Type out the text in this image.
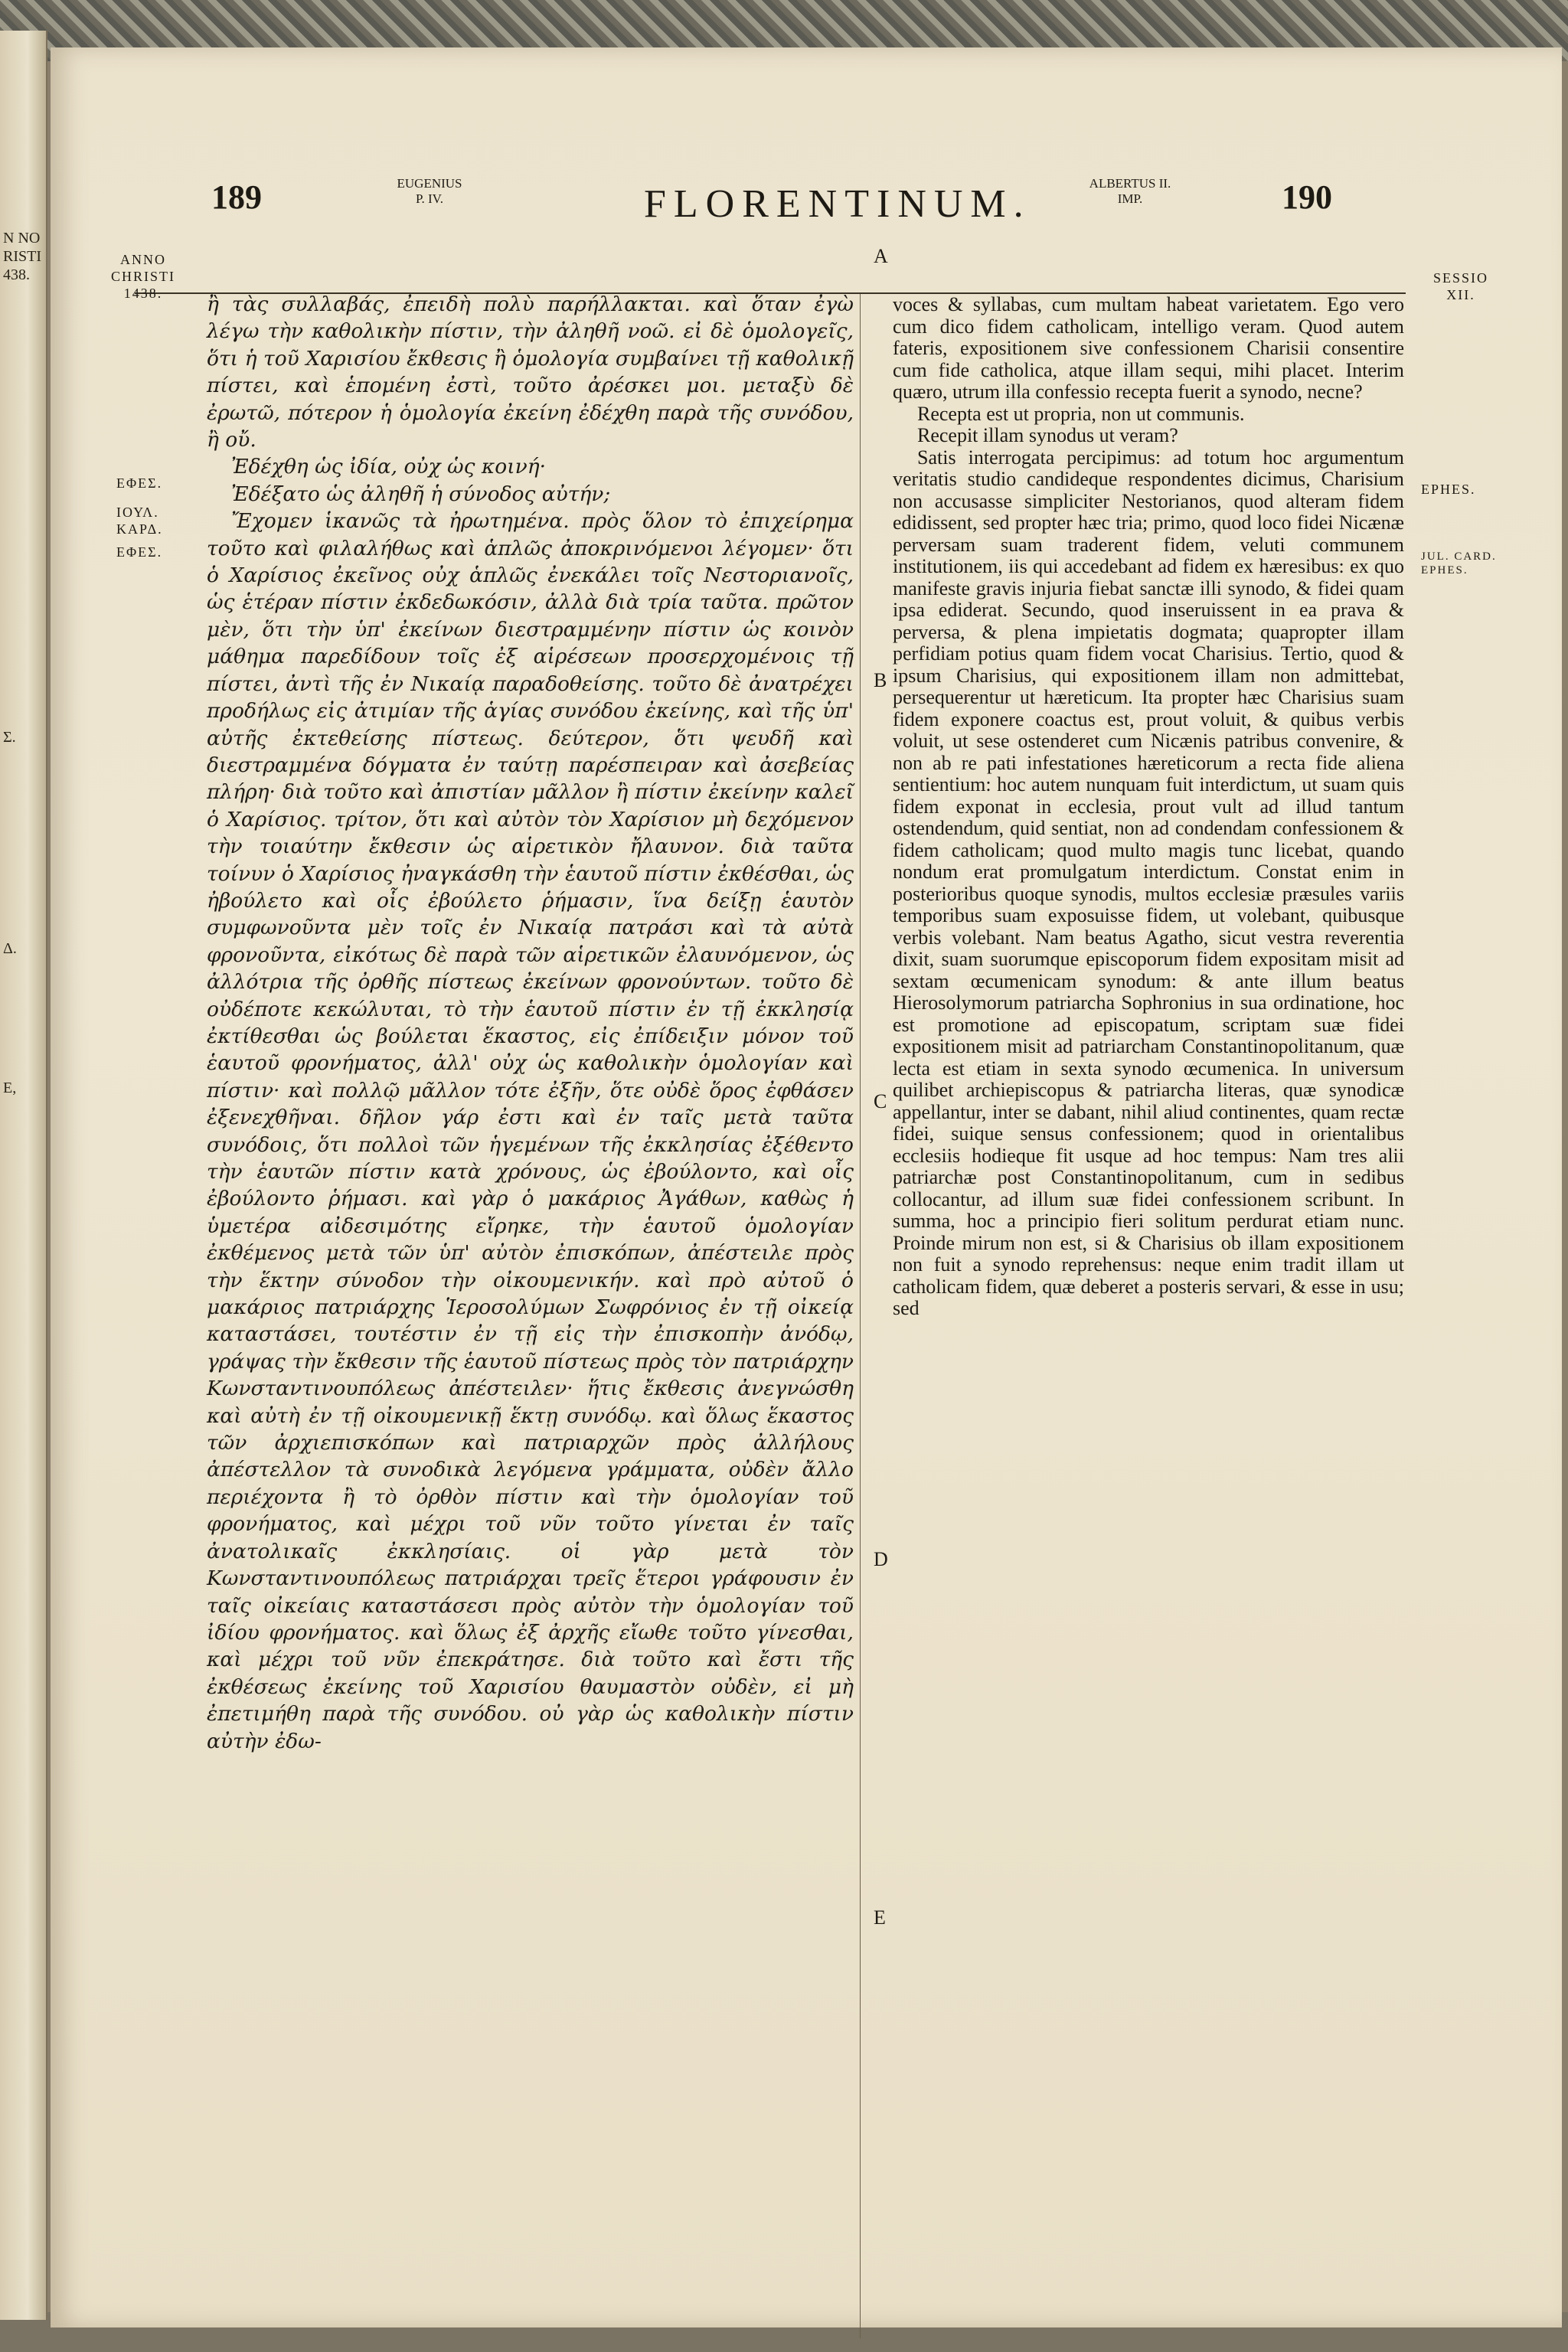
N NO
RISTI
438.
Σ.
Δ.
Ε,
189	EUGENIUS
P. IV.	FLORENTINUM.	ALBERTUS II.
IMP.	190
ANNO
CHRISTI
1438.
SESSIO
XII.
ΕΦΕΣ.
ΙΟΥΛ.
ΚΑΡΔ.
ΕΦΕΣ.
EPHES.
JUL. CARD.
EPHES.
A
B
C
D
E

ἢ τὰς συλλαβάς, ἐπειδὴ πολὺ παρήλλακται. καὶ ὅταν ἐγὼ λέγω τὴν καθολικὴν πίστιν, τὴν ἀληθῆ νοῶ. εἰ δὲ ὁμολογεῖς, ὅτι ἡ τοῦ Χαρισίου ἔκθεσις ἢ ὁμολογία συμβαίνει τῇ καθολικῇ πίστει, καὶ ἑπομένη ἐστὶ, τοῦτο ἀρέσκει μοι. μεταξὺ δὲ ἐρωτῶ, πότερον ἡ ὁμολογία ἐκείνη ἐδέχθη παρὰ τῆς συνόδου, ἢ οὔ.

Ἐδέχθη ὡς ἰδία, οὐχ ὡς κοινή·

Ἐδέξατο ὡς ἀληθῆ ἡ σύνοδος αὐτήν;

Ἔχομεν ἱκανῶς τὰ ἠρωτημένα. πρὸς ὅλον τὸ ἐπιχείρημα τοῦτο καὶ φιλαλήθως καὶ ἁπλῶς ἀποκρινόμενοι λέγομεν· ὅτι ὁ Χαρίσιος ἐκεῖνος οὐχ ἁπλῶς ἐνεκάλει τοῖς Νεστοριανοῖς, ὡς ἑτέραν πίστιν ἐκδεδωκόσιν, ἀλλὰ διὰ τρία ταῦτα. πρῶτον μὲν, ὅτι τὴν ὑπ' ἐκείνων διεστραμμένην πίστιν ὡς κοινὸν μάθημα παρεδίδουν τοῖς ἐξ αἱρέσεων προσερχομένοις τῇ πίστει, ἀντὶ τῆς ἐν Νικαίᾳ παραδοθείσης. τοῦτο δὲ ἀνατρέχει προδήλως εἰς ἀτιμίαν τῆς ἁγίας συνόδου ἐκείνης, καὶ τῆς ὑπ' αὐτῆς ἐκτεθείσης πίστεως. δεύτερον, ὅτι ψευδῆ καὶ διεστραμμένα δόγματα ἐν ταύτῃ παρέσπειραν καὶ ἀσεβείας πλήρη· διὰ τοῦτο καὶ ἀπιστίαν μᾶλλον ἢ πίστιν ἐκείνην καλεῖ ὁ Χαρίσιος. τρίτον, ὅτι καὶ αὐτὸν τὸν Χαρίσιον μὴ δεχόμενον τὴν τοιαύτην ἔκθεσιν ὡς αἱρετικὸν ἤλαυνον. διὰ ταῦτα τοίνυν ὁ Χαρίσιος ἠναγκάσθη τὴν ἑαυτοῦ πίστιν ἐκθέσθαι, ὡς ἠβούλετο καὶ οἷς ἐβούλετο ῥήμασιν, ἵνα δείξῃ ἑαυτὸν συμφωνοῦντα μὲν τοῖς ἐν Νικαίᾳ πατράσι καὶ τὰ αὐτὰ φρονοῦντα, εἰκότως δὲ παρὰ τῶν αἱρετικῶν ἐλαυνόμενον, ὡς ἀλλότρια τῆς ὀρθῆς πίστεως ἐκείνων φρονούντων. τοῦτο δὲ οὐδέποτε κεκώλυται, τὸ τὴν ἑαυτοῦ πίστιν ἐν τῇ ἐκκλησίᾳ ἐκτίθεσθαι ὡς βούλεται ἕκαστος, εἰς ἐπίδειξιν μόνον τοῦ ἑαυτοῦ φρονήματος, ἀλλ' οὐχ ὡς καθολικὴν ὁμολογίαν καὶ πίστιν· καὶ πολλῷ μᾶλλον τότε ἐξῆν, ὅτε οὐδὲ ὅρος ἐφθάσεν ἐξενεχθῆναι. δῆλον γάρ ἐστι καὶ ἐν ταῖς μετὰ ταῦτα συνόδοις, ὅτι πολλοὶ τῶν ἡγεμένων τῆς ἐκκλησίας ἐξέθεντο τὴν ἑαυτῶν πίστιν κατὰ χρόνους, ὡς ἐβούλοντο, καὶ οἷς ἐβούλοντο ῥήμασι. καὶ γὰρ ὁ μακάριος Ἀγάθων, καθὼς ἡ ὑμετέρα αἰδεσιμότης εἴρηκε, τὴν ἑαυτοῦ ὁμολογίαν ἐκθέμενος μετὰ τῶν ὑπ' αὐτὸν ἐπισκόπων, ἀπέστειλε πρὸς τὴν ἕκτην σύνοδον τὴν οἰκουμενικήν. καὶ πρὸ αὐτοῦ ὁ μακάριος πατριάρχης Ἱεροσολύμων Σωφρόνιος ἐν τῇ οἰκείᾳ καταστάσει, τουτέστιν ἐν τῇ εἰς τὴν ἐπισκοπὴν ἀνόδῳ, γράψας τὴν ἔκθεσιν τῆς ἑαυτοῦ πίστεως πρὸς τὸν πατριάρχην Κωνσταντινουπόλεως ἀπέστειλεν· ἥτις ἔκθεσις ἀνεγνώσθη καὶ αὐτὴ ἐν τῇ οἰκουμενικῇ ἕκτῃ συνόδῳ. καὶ ὅλως ἕκαστος τῶν ἀρχιεπισκόπων καὶ πατριαρχῶν πρὸς ἀλλήλους ἀπέστελλον τὰ συνοδικὰ λεγόμενα γράμματα, οὐδὲν ἄλλο περιέχοντα ἢ τὸ ὀρθὸν πίστιν καὶ τὴν ὁμολογίαν τοῦ φρονήματος, καὶ μέχρι τοῦ νῦν τοῦτο γίνεται ἐν ταῖς ἀνατολικαῖς ἐκκλησίαις. οἱ γὰρ μετὰ τὸν Κωνσταντινουπόλεως πατριάρχαι τρεῖς ἕτεροι γράφουσιν ἐν ταῖς οἰκείαις καταστάσεσι πρὸς αὐτὸν τὴν ὁμολογίαν τοῦ ἰδίου φρονήματος. καὶ ὅλως ἐξ ἀρχῆς εἴωθε τοῦτο γίνεσθαι, καὶ μέχρι τοῦ νῦν ἐπεκράτησε. διὰ τοῦτο καὶ ἔστι τῆς ἐκθέσεως ἐκείνης τοῦ Χαρισίου θαυμαστὸν οὐδὲν, εἰ μὴ ἐπετιμήθη παρὰ τῆς συνόδου. οὐ γὰρ ὡς καθολικὴν πίστιν αὐτὴν ἐδω-

voces & syllabas, cum multam habeat varietatem. Ego vero cum dico fidem catholicam, intelligo veram. Quod autem fateris, expositionem sive confessionem Charisii consentire cum fide catholica, atque illam sequi, mihi placet. Interim quæro, utrum illa confessio recepta fuerit a synodo, necne?

Recepta est ut propria, non ut communis.

Recepit illam synodus ut veram?

Satis interrogata percipimus: ad totum hoc argumentum veritatis studio candideque respondentes dicimus, Charisium non accusasse simpliciter Nestorianos, quod alteram fidem edidissent, sed propter hæc tria; primo, quod loco fidei Nicænæ perversam suam traderent fidem, veluti communem institutionem, iis qui accedebant ad fidem ex hæresibus: ex quo manifeste gravis injuria fiebat sanctæ illi synodo, & fidei quam ipsa ediderat. Secundo, quod inseruissent in ea prava & perversa, & plena impietatis dogmata; quapropter illam perfidiam potius quam fidem vocat Charisius. Tertio, quod & ipsum Charisius, qui expositionem illam non admittebat, persequerentur ut hæreticum. Ita propter hæc Charisius suam fidem exponere coactus est, prout voluit, & quibus verbis voluit, ut sese ostenderet cum Nicænis patribus convenire, & non ab re pati infestationes hæreticorum a recta fide aliena sentientium: hoc autem nunquam fuit interdictum, ut suam quis fidem exponat in ecclesia, prout vult ad illud tantum ostendendum, quid sentiat, non ad condendam confessionem & fidem catholicam; quod multo magis tunc licebat, quando nondum erat promulgatum interdictum. Constat enim in posterioribus quoque synodis, multos ecclesiæ præsules variis temporibus suam exposuisse fidem, ut volebant, quibusque verbis volebant. Nam beatus Agatho, sicut vestra reverentia dixit, suam suorumque episcoporum fidem expositam misit ad sextam œcumenicam synodum: & ante illum beatus Hierosolymorum patriarcha Sophronius in sua ordinatione, hoc est promotione ad episcopatum, scriptam suæ fidei expositionem misit ad patriarcham Constantinopolitanum, quæ lecta est etiam in sexta synodo œcumenica. In universum quilibet archiepiscopus & patriarcha literas, quæ synodicæ appellantur, inter se dabant, nihil aliud continentes, quam rectæ fidei, suique sensus confessionem; quod in orientalibus ecclesiis hodieque fit usque ad hoc tempus: Nam tres alii patriarchæ post Constantinopolitanum, cum in sedibus collocantur, ad illum suæ fidei confessionem scribunt. In summa, hoc a principio fieri solitum perdurat etiam nunc. Proinde mirum non est, si & Charisius ob illam expositionem non fuit a synodo reprehensus: neque enim tradit illam ut catholicam fidem, quæ deberet a posteris servari, & esse in usu; sed
